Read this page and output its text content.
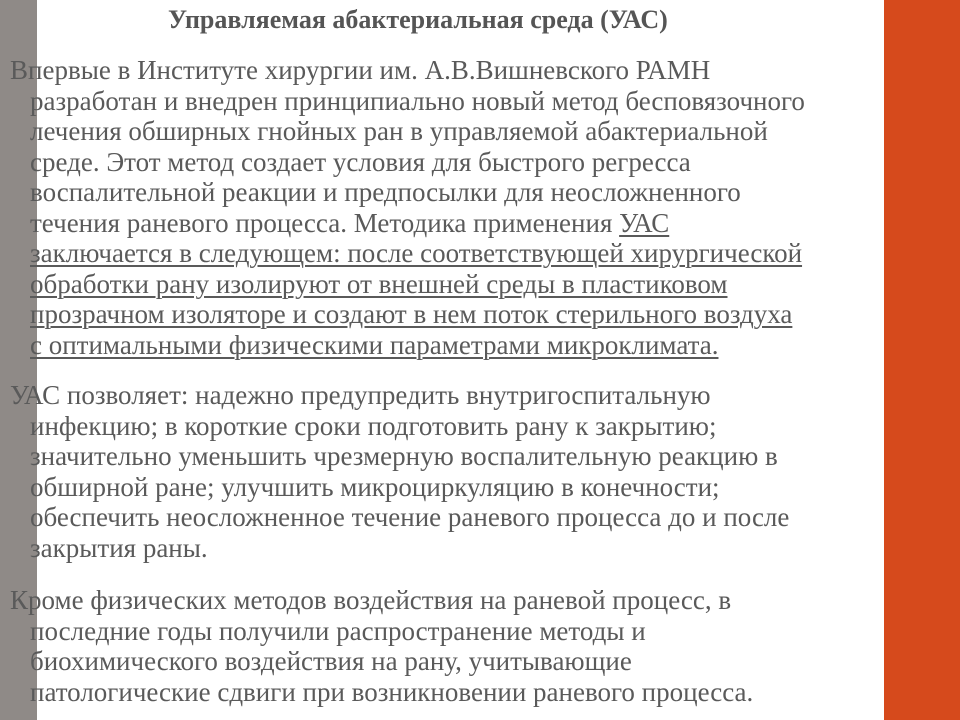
Управляемая абактериальная среда (УАС)
Впервые в Институте хирургии им. А.В.Вишневского РАМН
разработан и внедрен принципиально новый метод бесповязочного
лечения обширных гнойных ран в управляемой абактериальной
среде. Этот метод создает условия для быстрого регресса
воспалительной реакции и предпосылки для неосложненного
течения раневого процесса. Методика применения УАС
заключается в следующем: после соответствующей хирургической
обработки рану изолируют от внешней среды в пластиковом
прозрачном изоляторе и создают в нем поток стерильного воздуха
с оптимальными физическими параметрами микроклимата.
УАС позволяет: надежно предупредить внутригоспитальную
инфекцию; в короткие сроки подготовить рану к закрытию;
значительно уменьшить чрезмерную воспалительную реакцию в
обширной ране; улучшить микроциркуляцию в конечности;
обеспечить неосложненное течение раневого процесса до и после
закрытия раны.
Кроме физических методов воздействия на раневой процесс, в
последние годы получили распространение методы и
биохимического воздействия на рану, учитывающие
патологические сдвиги при возникновении раневого процесса.
